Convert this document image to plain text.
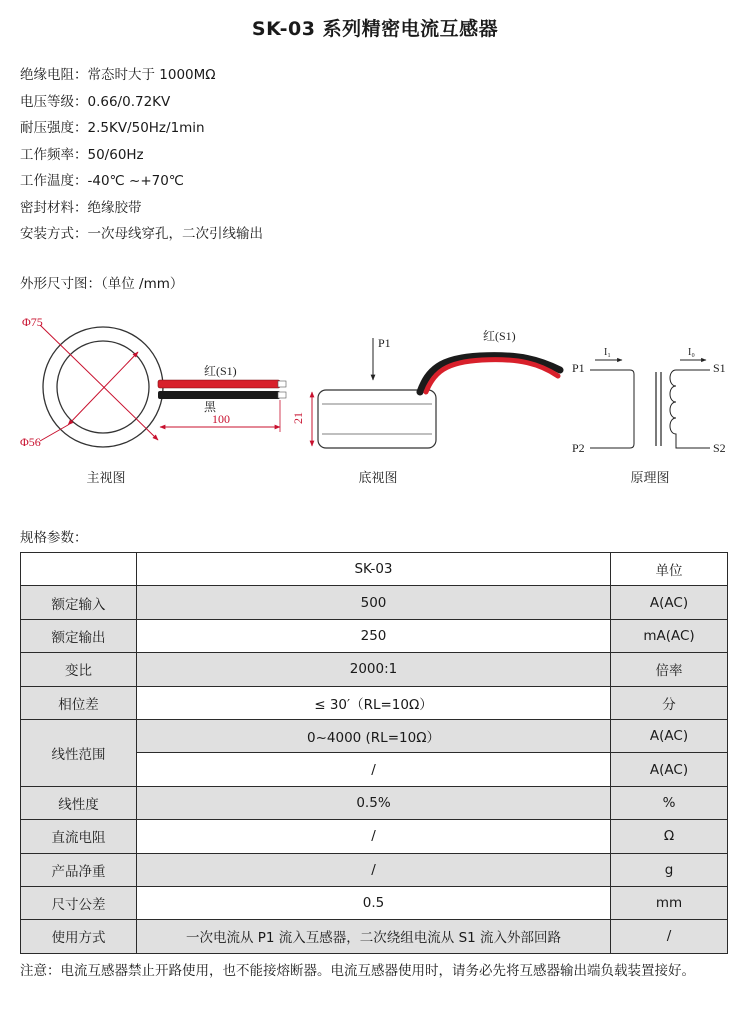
SK-03 系列精密电流互感器
绝缘电阻：常态时大于 1000MΩ
电压等级：0.66/0.72KV
耐压强度：2.5KV/50Hz/1min
工作频率：50/60Hz
工作温度：-40℃ ~+70℃
密封材料：绝缘胶带
安装方式：一次母线穿孔，二次引线输出
外形尺寸图：（单位 /mm）
Φ75
Φ56
红(S1)
黑
100
主视图
P1	红(S1)
21
底视图
I₁	I₀
P1
P2
S1
S2
原理图
规格参数：
	SK-03	单位
额定输入	500	A(AC)
额定输出	250	mA(AC)
变比	2000:1	倍率
相位差	≤ 30′（RL=10Ω）	分
线性范围	0~4000 (RL=10Ω）	A(AC)
	/	A(AC)
线性度	0.5%	%
直流电阻	/	Ω
产品净重	/	g
尺寸公差	0.5	mm
使用方式	一次电流从 P1 流入互感器，二次绕组电流从 S1 流入外部回路	/
注意：电流互感器禁止开路使用，也不能接熔断器。电流互感器使用时，请务必先将互感器输出端负载装置接好。
